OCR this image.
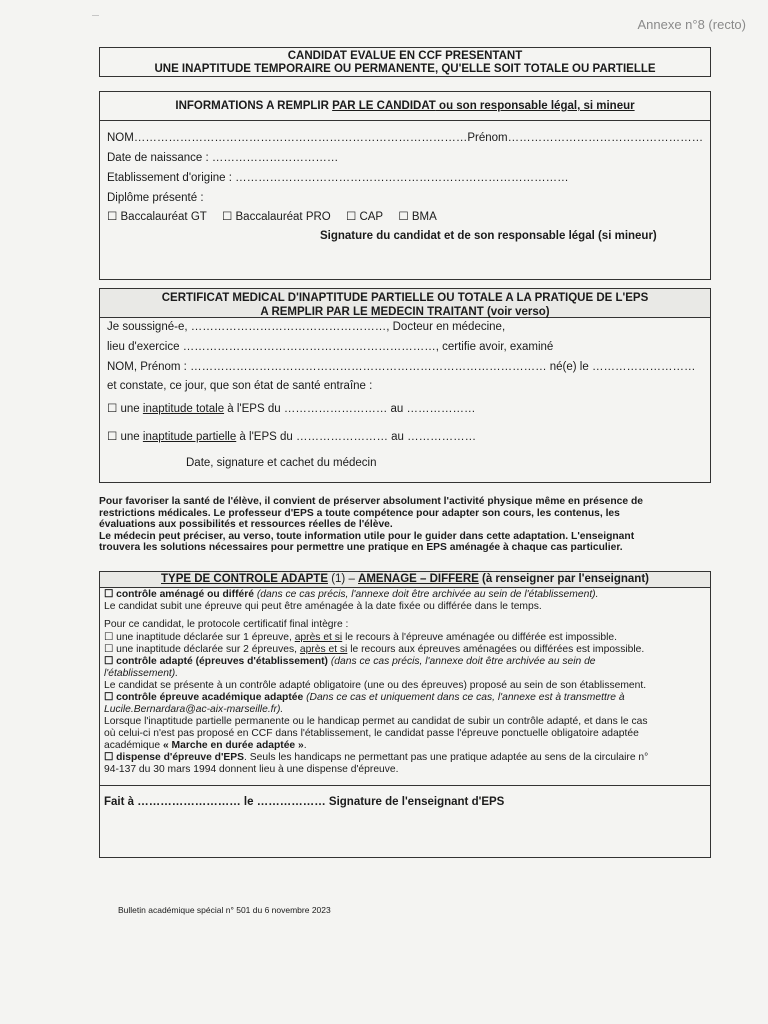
—
Annexe n°8 (recto)
CANDIDAT EVALUE EN CCF PRESENTANT
UNE INAPTITUDE TEMPORAIRE OU PERMANENTE, QU'ELLE SOIT TOTALE OU PARTIELLE
INFORMATIONS A REMPLIR PAR LE CANDIDAT ou son responsable légal, si mineur
NOM……………………………………………………………………………Prénom……………………………………………
Date de naissance : ……………………………
Etablissement d'origine : ……………………………………………………………………………
Diplôme présenté :
☐ Baccalauréat GT ☐ Baccalauréat PRO ☐ CAP ☐ BMA
Signature du candidat et de son responsable légal (si mineur)
CERTIFICAT MEDICAL D'INAPTITUDE PARTIELLE OU TOTALE A LA PRATIQUE DE L'EPS
A REMPLIR PAR LE MEDECIN TRAITANT (voir verso)
Je soussigné-e, ……………………………………………, Docteur en médecine,
lieu d'exercice …………………………………………………………, certifie avoir, examiné
NOM, Prénom : ………………………………………………………………………………… né(e) le ………………………
et constate, ce jour, que son état de santé entraîne :
☐ une inaptitude totale à l'EPS du ……………………… au ………………
☐ une inaptitude partielle à l'EPS du …………………… au ………………
Date, signature et cachet du médecin
Pour favoriser la santé de l'élève, il convient de préserver absolument l'activité physique même en présence de
restrictions médicales. Le professeur d'EPS a toute compétence pour adapter son cours, les contenus, les
évaluations aux possibilités et ressources réelles de l'élève.
Le médecin peut préciser, au verso, toute information utile pour le guider dans cette adaptation. L'enseignant
trouvera les solutions nécessaires pour permettre une pratique en EPS aménagée à chaque cas particulier.
TYPE DE CONTROLE ADAPTE (1) – AMENAGE – DIFFERE (à renseigner par l'enseignant)
☐ contrôle aménagé ou différé (dans ce cas précis, l'annexe doit être archivée au sein de l'établissement).
Le candidat subit une épreuve qui peut être aménagée à la date fixée ou différée dans le temps.
Pour ce candidat, le protocole certificatif final intègre :
☐ une inaptitude déclarée sur 1 épreuve, après et si le recours à l'épreuve aménagée ou différée est impossible.
☐ une inaptitude déclarée sur 2 épreuves, après et si le recours aux épreuves aménagées ou différées est impossible.
☐ contrôle adapté (épreuves d'établissement) (dans ce cas précis, l'annexe doit être archivée au sein de
l'établissement).
Le candidat se présente à un contrôle adapté obligatoire (une ou des épreuves) proposé au sein de son établissement.
☐ contrôle épreuve académique adaptée (Dans ce cas et uniquement dans ce cas, l'annexe est à transmettre à
Lucile.Bernardara@ac-aix-marseille.fr).
Lorsque l'inaptitude partielle permanente ou le handicap permet au candidat de subir un contrôle adapté, et dans le cas
où celui-ci n'est pas proposé en CCF dans l'établissement, le candidat passe l'épreuve ponctuelle obligatoire adaptée
académique « Marche en durée adaptée ».
☐ dispense d'épreuve d'EPS. Seuls les handicaps ne permettant pas une pratique adaptée au sens de la circulaire n°
94-137 du 30 mars 1994 donnent lieu à une dispense d'épreuve.
Fait à ……………………… le ……………… Signature de l'enseignant d'EPS
Bulletin académique spécial n° 501 du 6 novembre 2023
